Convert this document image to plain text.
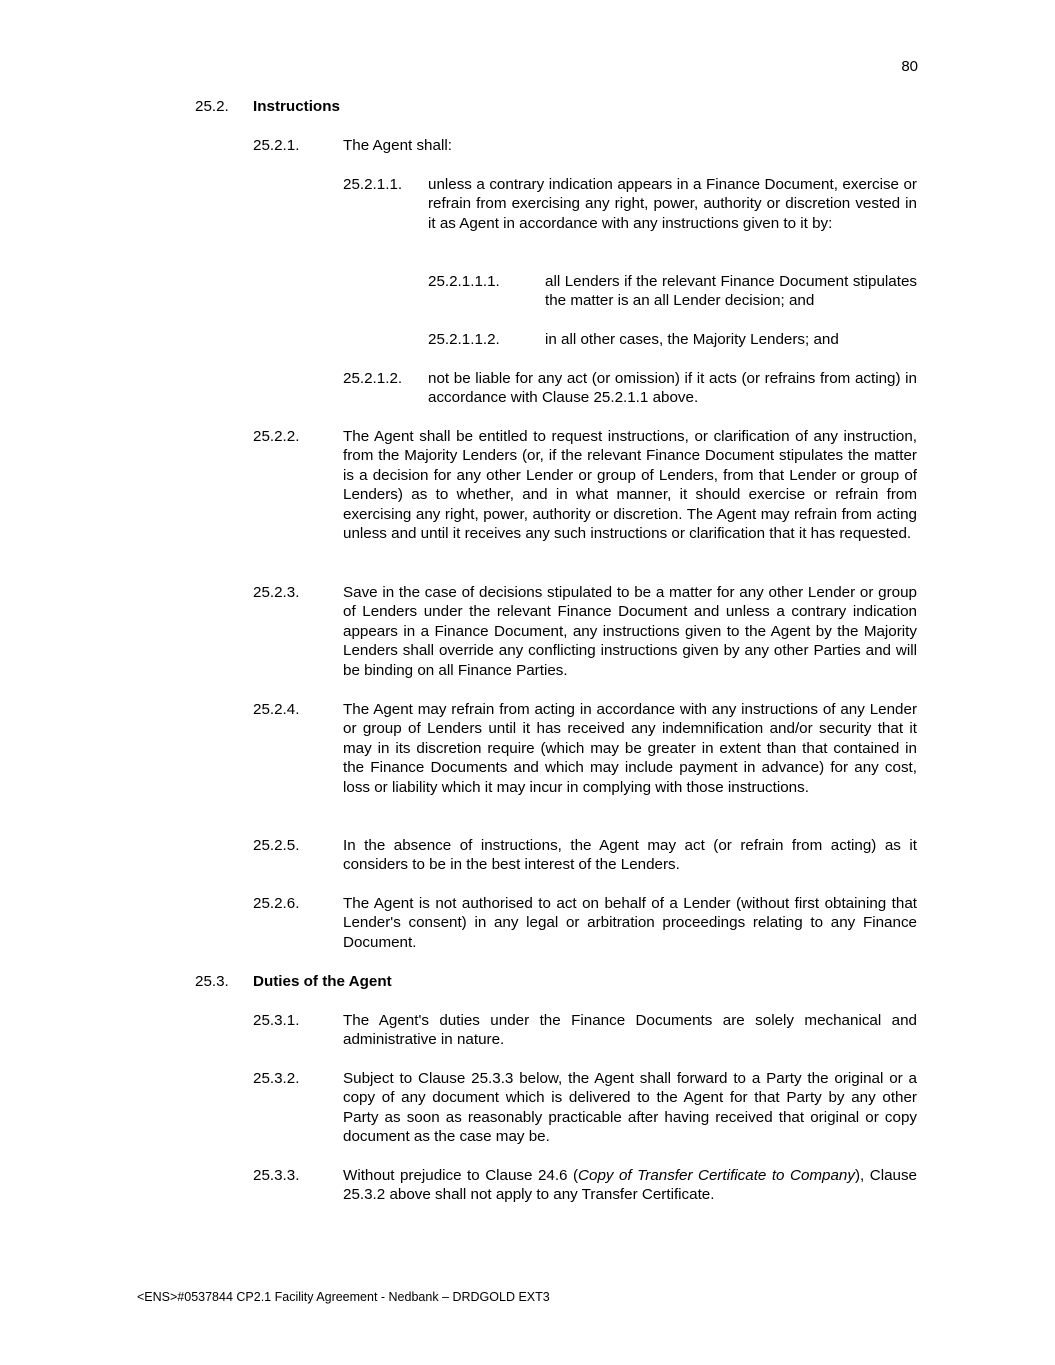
80
25.2. Instructions
25.2.1.	The Agent shall:
25.2.1.1. unless a contrary indication appears in a Finance Document, exercise or refrain from exercising any right, power, authority or discretion vested in it as Agent in accordance with any instructions given to it by:
25.2.1.1.1.	all Lenders if the relevant Finance Document stipulates the matter is an all Lender decision; and
25.2.1.1.2.	in all other cases, the Majority Lenders; and
25.2.1.2. not be liable for any act (or omission) if it acts (or refrains from acting) in accordance with Clause 25.2.1.1 above.
25.2.2.	The Agent shall be entitled to request instructions, or clarification of any instruction, from the Majority Lenders (or, if the relevant Finance Document stipulates the matter is a decision for any other Lender or group of Lenders, from that Lender or group of Lenders) as to whether, and in what manner, it should exercise or refrain from exercising any right, power, authority or discretion. The Agent may refrain from acting unless and until it receives any such instructions or clarification that it has requested.
25.2.3.	Save in the case of decisions stipulated to be a matter for any other Lender or group of Lenders under the relevant Finance Document and unless a contrary indication appears in a Finance Document, any instructions given to the Agent by the Majority Lenders shall override any conflicting instructions given by any other Parties and will be binding on all Finance Parties.
25.2.4.	The Agent may refrain from acting in accordance with any instructions of any Lender or group of Lenders until it has received any indemnification and/or security that it may in its discretion require (which may be greater in extent than that contained in the Finance Documents and which may include payment in advance) for any cost, loss or liability which it may incur in complying with those instructions.
25.2.5.	In the absence of instructions, the Agent may act (or refrain from acting) as it considers to be in the best interest of the Lenders.
25.2.6.	The Agent is not authorised to act on behalf of a Lender (without first obtaining that Lender's consent) in any legal or arbitration proceedings relating to any Finance Document.
25.3. Duties of the Agent
25.3.1.	The Agent's duties under the Finance Documents are solely mechanical and administrative in nature.
25.3.2.	Subject to Clause 25.3.3 below, the Agent shall forward to a Party the original or a copy of any document which is delivered to the Agent for that Party by any other Party as soon as reasonably practicable after having received that original or copy document as the case may be.
25.3.3.	Without prejudice to Clause 24.6 (Copy of Transfer Certificate to Company), Clause 25.3.2 above shall not apply to any Transfer Certificate.
<ENS>#0537844 CP2.1 Facility Agreement - Nedbank – DRDGOLD EXT3
